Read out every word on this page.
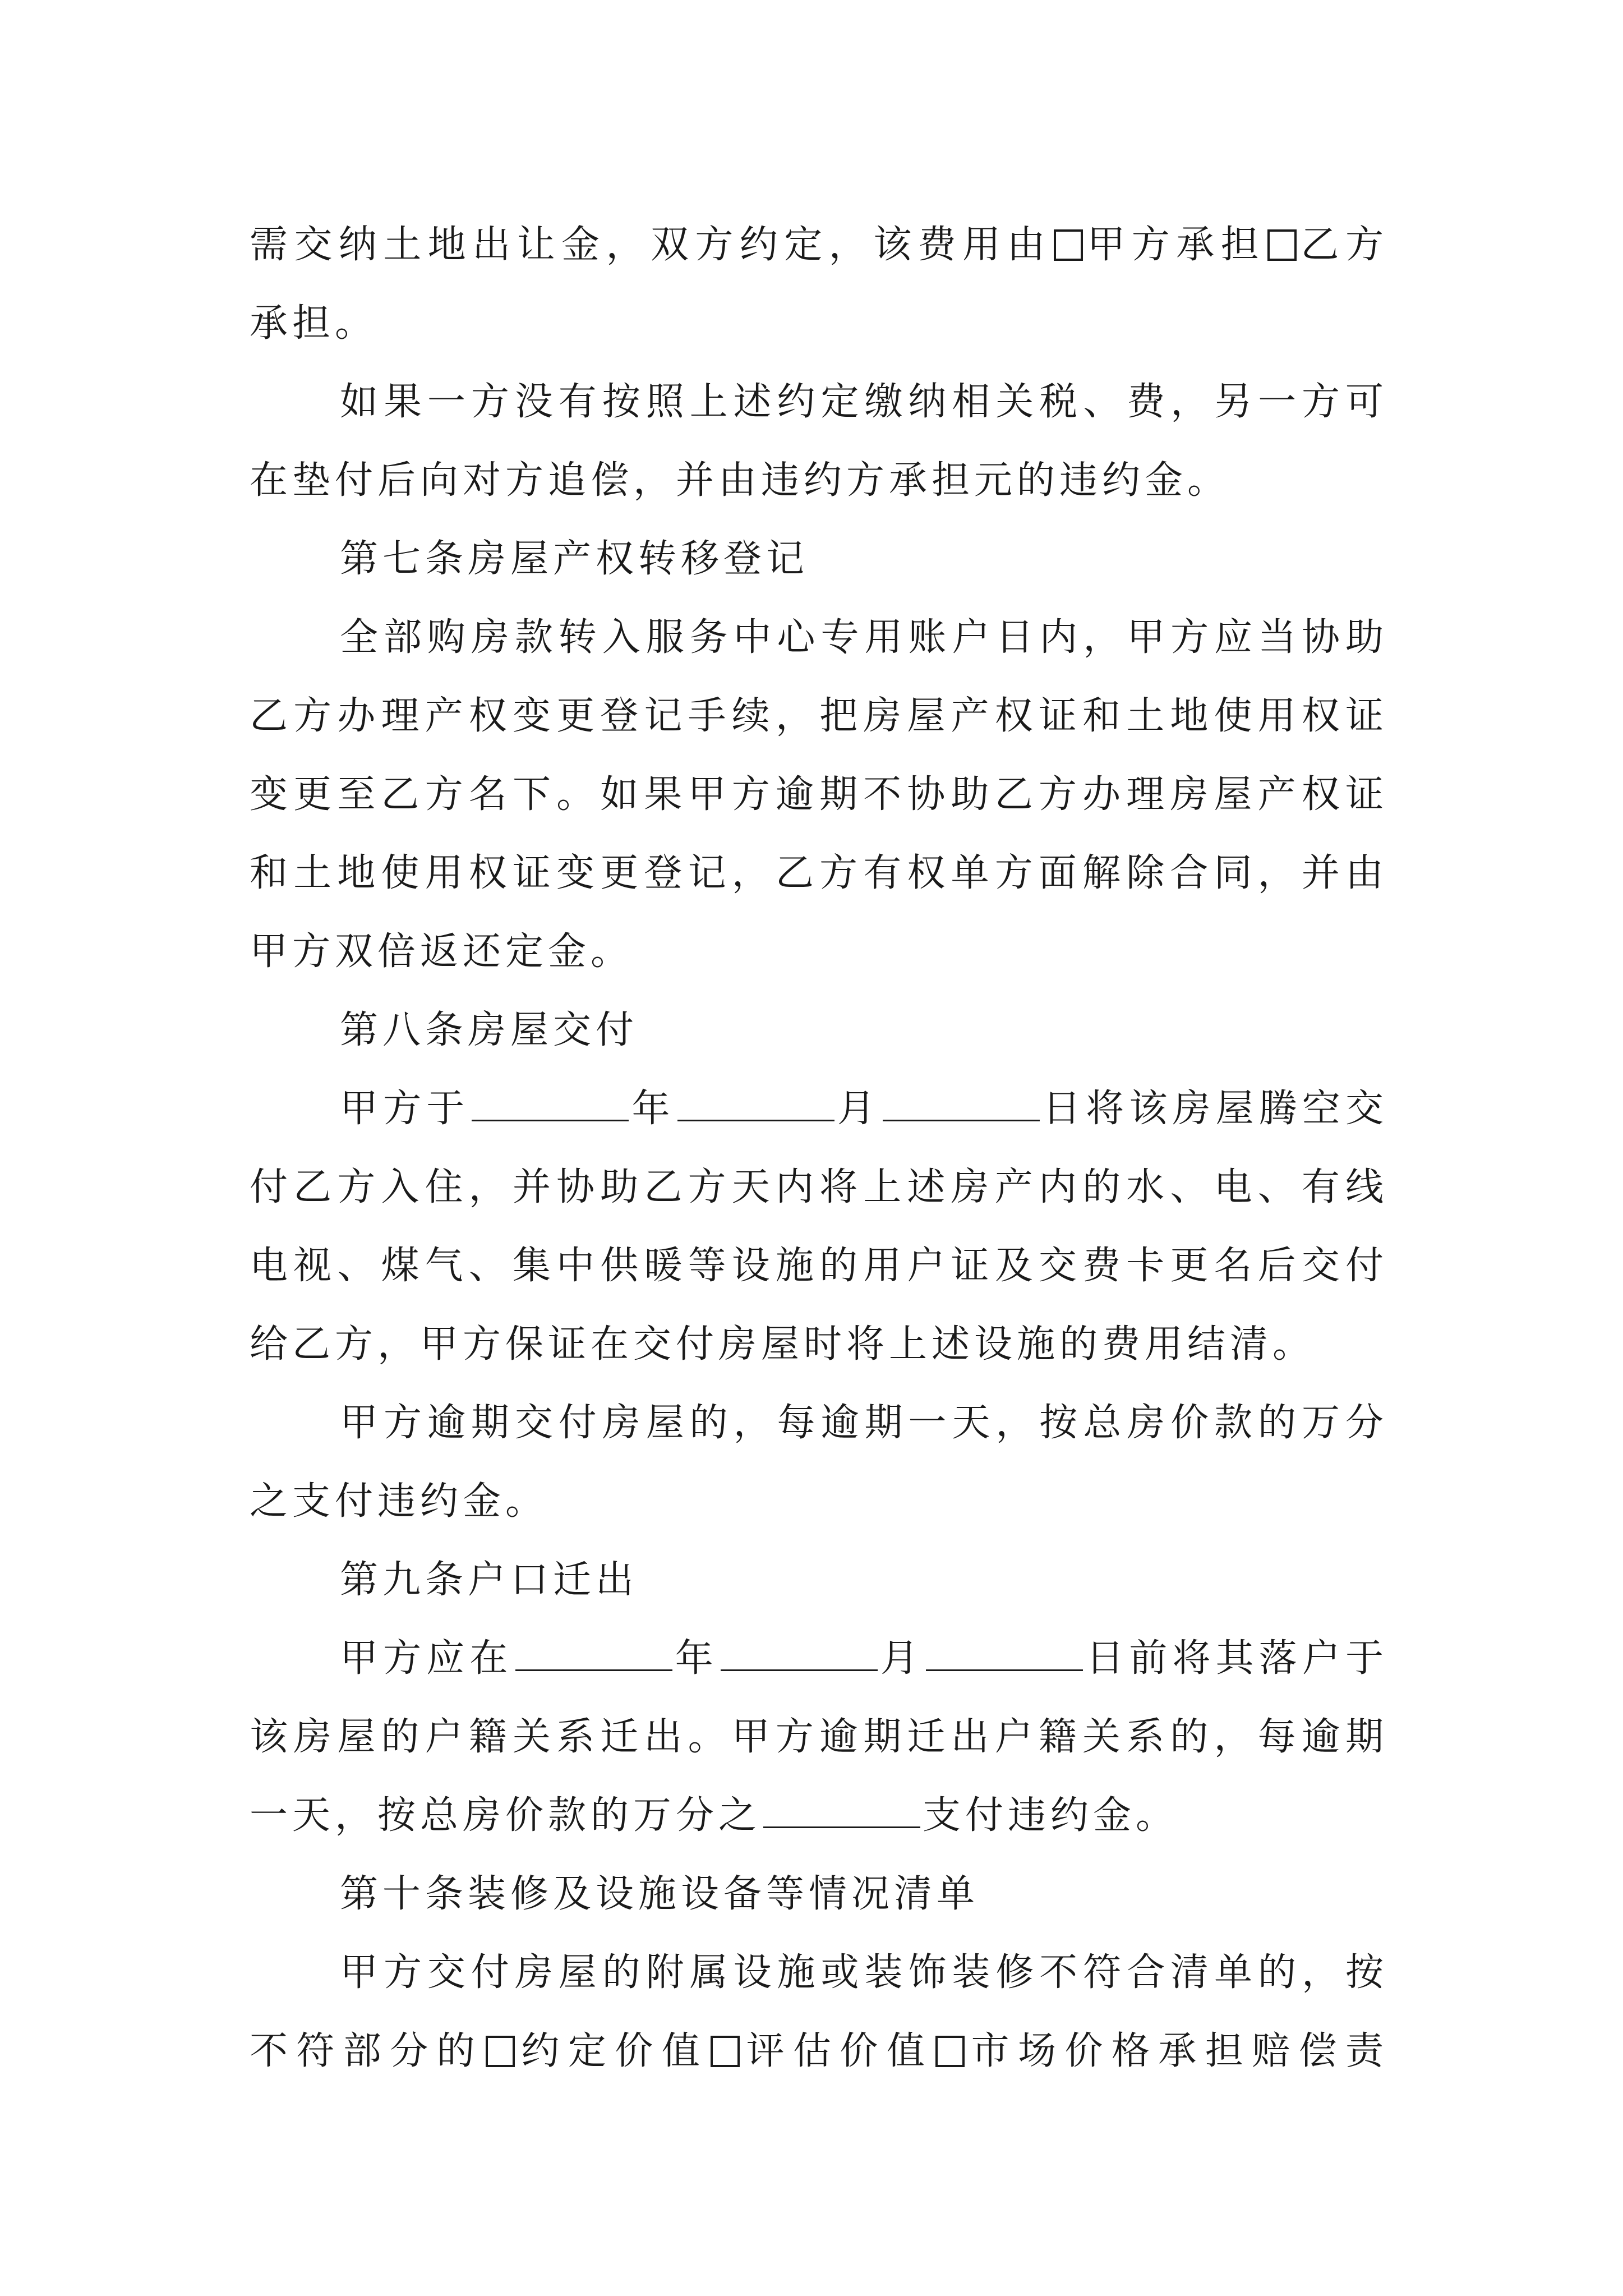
需交纳土地出让金，双方约定，该费用由 甲方承担 乙方
承担。
如果一方没有按照上述约定缴纳相关税、费，另一方可
在垫付后向对方追偿，并由违约方承担元的违约金。
第七条房屋产权转移登记
全部购房款转入服务中心专用账户日内，甲方应当协助
乙方办理产权变更登记手续，把房屋产权证和土地使用权证
变更至乙方名下。如果甲方逾期不协助乙方办理房屋产权证
和土地使用权证变更登记，乙方有权单方面解除合同，并由
甲方双倍返还定金。
第八条房屋交付
甲方于	年	月	日将该房屋腾空交
付乙方入住，并协助乙方天内将上述房产内的水、电、有线
电视、煤气、集中供暖等设施的用户证及交费卡更名后交付
给乙方，甲方保证在交付房屋时将上述设施的费用结清。
甲方逾期交付房屋的，每逾期一天，按总房价款的万分
之支付违约金。
第九条户口迁出
甲方应在	年	月	日前将其落户于
该房屋的户籍关系迁出。甲方逾期迁出户籍关系的，每逾期
一天，按总房价款的万分之	支付违约金。
第十条装修及设施设备等情况清单
甲方交付房屋的附属设施或装饰装修不符合清单的，按
不符部分的 约定价值 评估价值 市场价格承担赔偿责
